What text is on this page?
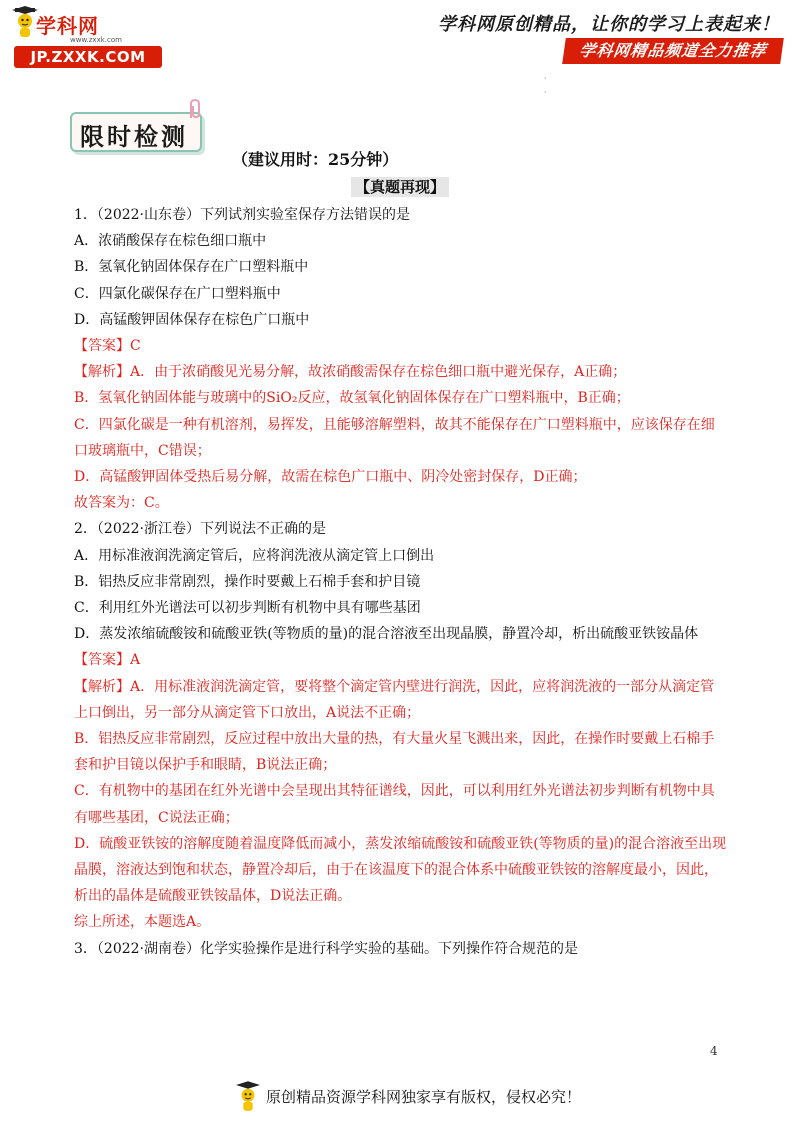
学科网
www.zxxk.com
JP.ZXXK.COM
学科网原创精品，让你的学习上表起来！
学科网精品频道全力推荐
·
·
限时检测
（建议用时：25分钟）
【真题再现】
1．（2022·山东卷）下列试剂实验室保存方法错误的是
A．浓硝酸保存在棕色细口瓶中
B．氢氧化钠固体保存在广口塑料瓶中
C．四氯化碳保存在广口塑料瓶中
D．高锰酸钾固体保存在棕色广口瓶中
【答案】C
【解析】A．由于浓硝酸见光易分解，故浓硝酸需保存在棕色细口瓶中避光保存，A正确；
B．氢氧化钠固体能与玻璃中的SiO₂反应，故氢氧化钠固体保存在广口塑料瓶中，B正确；
C．四氯化碳是一种有机溶剂，易挥发，且能够溶解塑料，故其不能保存在广口塑料瓶中，应该保存在细
口玻璃瓶中，C错误；
D．高锰酸钾固体受热后易分解，故需在棕色广口瓶中、阴冷处密封保存，D正确；
故答案为：C。
2．（2022·浙江卷）下列说法不正确的是
A．用标准液润洗滴定管后，应将润洗液从滴定管上口倒出
B．铝热反应非常剧烈，操作时要戴上石棉手套和护目镜
C．利用红外光谱法可以初步判断有机物中具有哪些基团
D．蒸发浓缩硫酸铵和硫酸亚铁(等物质的量)的混合溶液至出现晶膜，静置冷却，析出硫酸亚铁铵晶体
【答案】A
【解析】A．用标准液润洗滴定管，要将整个滴定管内壁进行润洗，因此，应将润洗液的一部分从滴定管
上口倒出，另一部分从滴定管下口放出，A说法不正确；
B．铝热反应非常剧烈，反应过程中放出大量的热，有大量火星飞溅出来，因此，在操作时要戴上石棉手
套和护目镜以保护手和眼睛，B说法正确；
C．有机物中的基团在红外光谱中会呈现出其特征谱线，因此，可以利用红外光谱法初步判断有机物中具
有哪些基团，C说法正确；
D．硫酸亚铁铵的溶解度随着温度降低而减小，蒸发浓缩硫酸铵和硫酸亚铁(等物质的量)的混合溶液至出现
晶膜，溶液达到饱和状态，静置冷却后，由于在该温度下的混合体系中硫酸亚铁铵的溶解度最小，因此，
析出的晶体是硫酸亚铁铵晶体，D说法正确。
综上所述，本题选A。
3．（2022·湖南卷）化学实验操作是进行科学实验的基础。下列操作符合规范的是
4
原创精品资源学科网独家享有版权，侵权必究！
